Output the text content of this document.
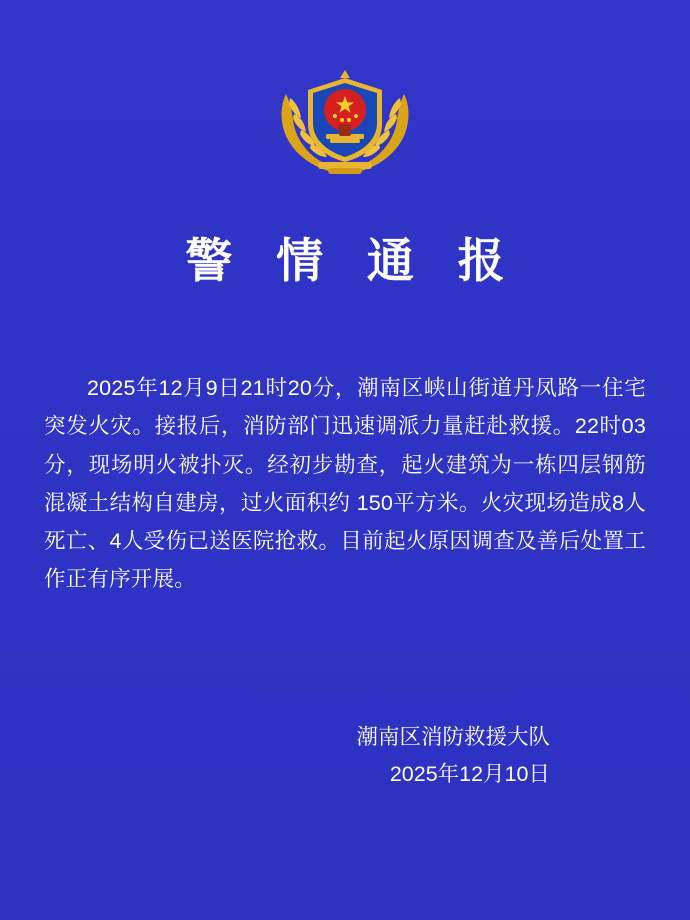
警 情 通 报
2025年12月9日21时20分，潮南区峡山街道丹凤路一住宅突发火灾。接报后，消防部门迅速调派力量赶赴救援。22时03分，现场明火被扑灭。经初步勘查，起火建筑为一栋四层钢筋混凝土结构自建房，过火面积约 150平方米。火灾现场造成8人死亡、4人受伤已送医院抢救。目前起火原因调查及善后处置工作正有序开展。
潮南区消防救援大队
2025年12月10日
